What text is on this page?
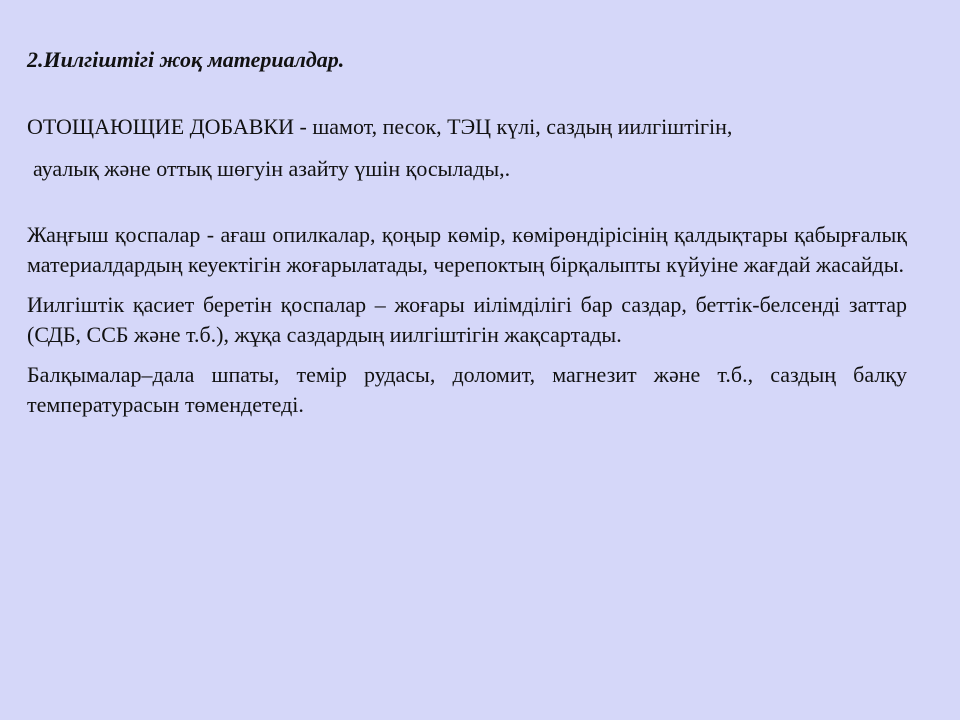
2.Иилгіштігі жоқ материалдар.

ОТОЩАЮЩИЕ ДОБАВКИ - шамот, песок, ТЭЦ күлі, саздың иилгіштігін,

ауалық және оттық шөгуін азайту үшін қосылады,.

Жаңғыш қоспалар - ағаш опилкалар, қоңыр көмір, көмірөндірісінің қалдықтары қабырғалық материалдардың кеуектігін жоғарылатады, черепоктың бірқалыпты күйуіне жағдай жасайды.

Иилгіштік қасиет беретін қоспалар – жоғары иілімділігі бар саздар, беттік-белсенді заттар (СДБ, ССБ және т.б.), жұқа саздардың иилгіштігін жақсартады.

Балқымалар–дала шпаты, темір рудасы, доломит, магнезит және т.б., саздың балқу температурасын төмендетеді.
